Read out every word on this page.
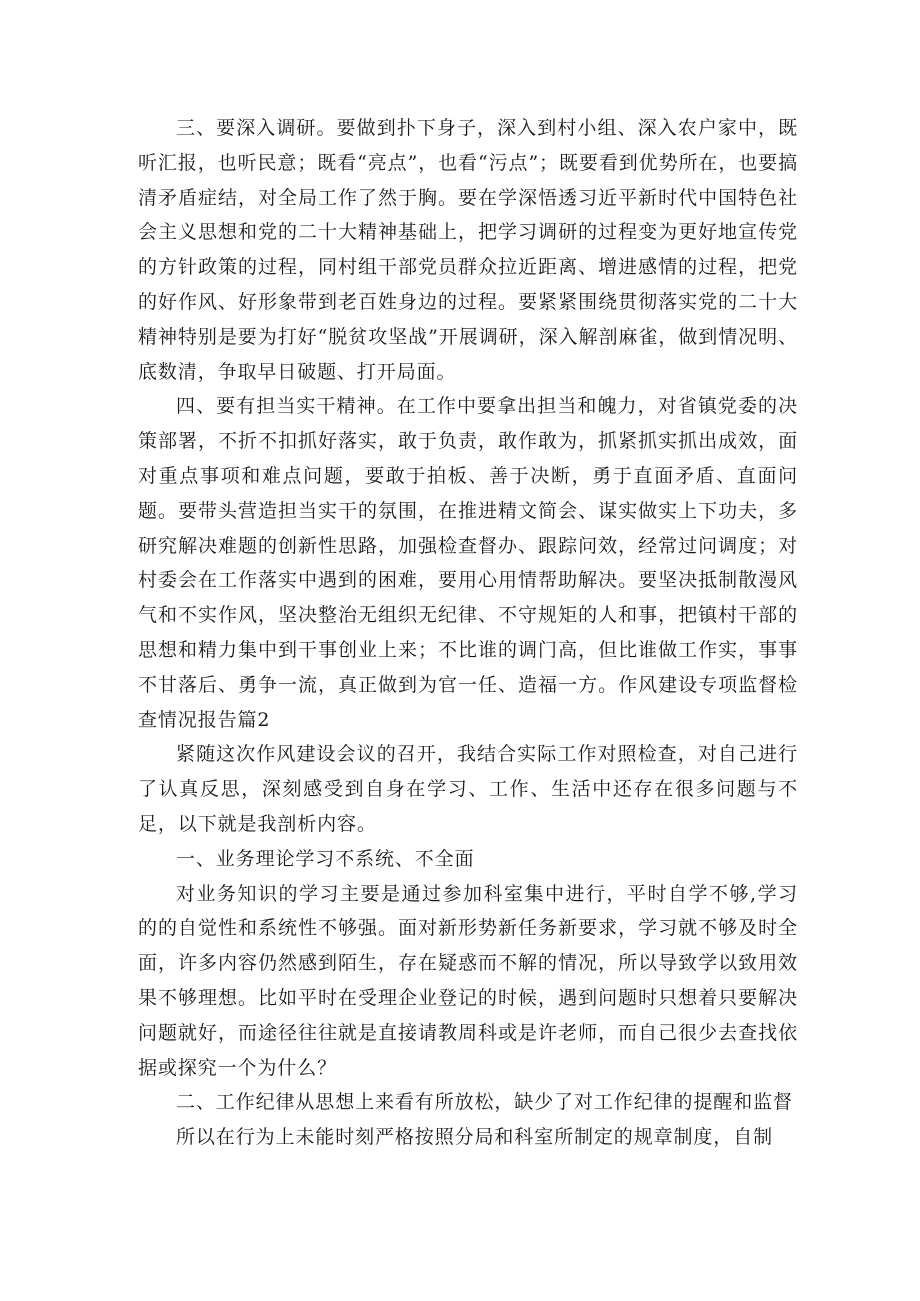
三、要深入调研。要做到扑下身子，深入到村小组、深入农户家中，既听汇报，也听民意；既看“亮点”，也看“污点”；既要看到优势所在，也要搞清矛盾症结，对全局工作了然于胸。要在学深悟透习近平新时代中国特色社会主义思想和党的二十大精神基础上，把学习调研的过程变为更好地宣传党的方针政策的过程，同村组干部党员群众拉近距离、增进感情的过程，把党的好作风、好形象带到老百姓身边的过程。要紧紧围绕贯彻落实党的二十大精神特别是要为打好“脱贫攻坚战”开展调研，深入解剖麻雀，做到情况明、底数清，争取早日破题、打开局面。

四、要有担当实干精神。在工作中要拿出担当和魄力，对省镇党委的决策部署，不折不扣抓好落实，敢于负责，敢作敢为，抓紧抓实抓出成效，面对重点事项和难点问题，要敢于拍板、善于决断，勇于直面矛盾、直面问题。要带头营造担当实干的氛围，在推进精文简会、谋实做实上下功夫，多研究解决难题的创新性思路，加强检查督办、跟踪问效，经常过问调度；对村委会在工作落实中遇到的困难，要用心用情帮助解决。要坚决抵制散漫风气和不实作风，坚决整治无组织无纪律、不守规矩的人和事，把镇村干部的思想和精力集中到干事创业上来；不比谁的调门高，但比谁做工作实，事事不甘落后、勇争一流，真正做到为官一任、造福一方。作风建设专项监督检查情况报告篇2

紧随这次作风建设会议的召开，我结合实际工作对照检查，对自己进行了认真反思，深刻感受到自身在学习、工作、生活中还存在很多问题与不足，以下就是我剖析内容。

一、业务理论学习不系统、不全面

对业务知识的学习主要是通过参加科室集中进行，平时自学不够,学习的的自觉性和系统性不够强。面对新形势新任务新要求，学习就不够及时全面，许多内容仍然感到陌生，存在疑惑而不解的情况，所以导致学以致用效果不够理想。比如平时在受理企业登记的时候，遇到问题时只想着只要解决问题就好，而途径往往就是直接请教周科或是许老师，而自己很少去查找依据或探究一个为什么？

二、工作纪律从思想上来看有所放松，缺少了对工作纪律的提醒和监督

所以在行为上未能时刻严格按照分局和科室所制定的规章制度，自制
